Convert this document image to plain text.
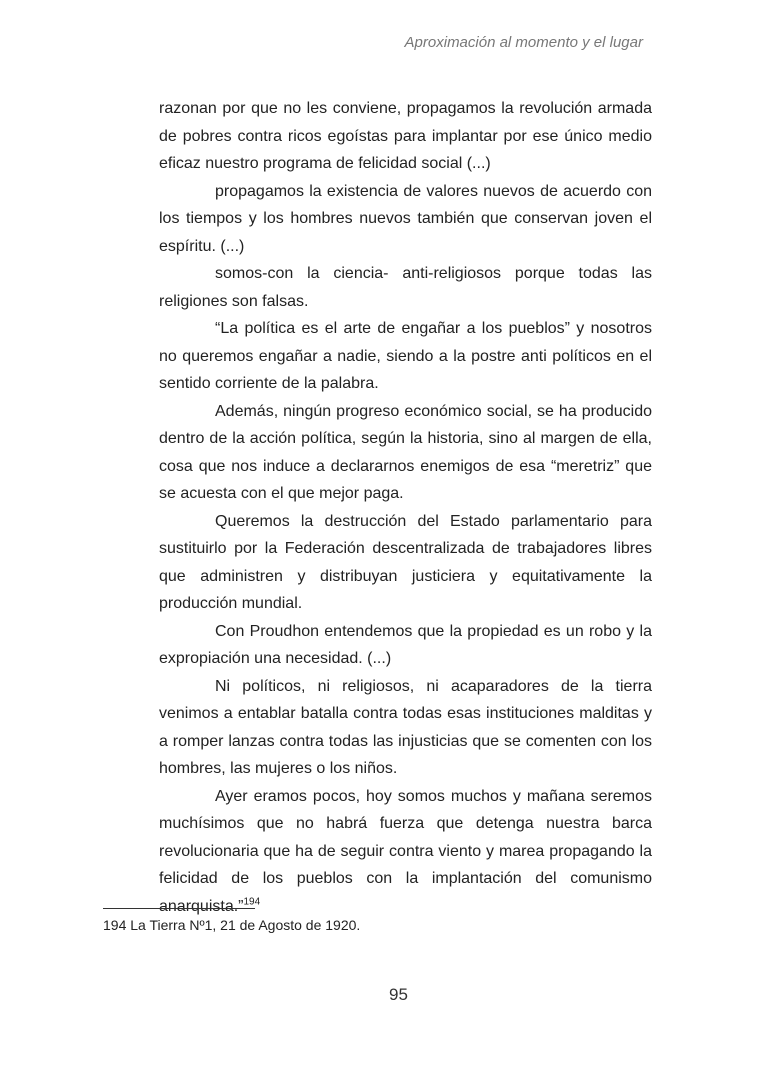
Aproximación al momento y el lugar

razonan por que no les conviene, propagamos la revolución armada de pobres contra ricos egoístas para implantar por ese único medio eficaz nuestro programa de felicidad social (...)

propagamos la existencia de valores nuevos de acuerdo con los tiempos y los hombres nuevos también que conservan joven el espíritu. (...)

somos-con la ciencia- anti-religiosos porque todas las religiones son falsas.

“La política es el arte de engañar a los pueblos” y nosotros no queremos engañar a nadie, siendo a la postre anti políticos en el sentido corriente de la palabra.

Además, ningún progreso económico social, se ha producido dentro de la acción política, según la historia, sino al margen de ella, cosa que nos induce a declararnos enemigos de esa “meretriz” que se acuesta con el que mejor paga.

Queremos la destrucción del Estado parlamentario para sustituirlo por la Federación descentralizada de trabajadores libres que administren y distribuyan justiciera y equitativamente la producción mundial.

Con Proudhon entendemos que la propiedad es un robo y la expropiación una necesidad. (...)

Ni políticos, ni religiosos, ni acaparadores de la tierra venimos a entablar batalla contra todas esas instituciones malditas y a romper lanzas contra todas las injusticias que se comenten con los hombres, las mujeres o los niños.

Ayer eramos pocos, hoy somos muchos y mañana seremos muchísimos que no habrá fuerza que detenga nuestra barca revolucionaria que ha de seguir contra viento y marea propagando la felicidad de los pueblos con la implantación del comunismo anarquista.”$^{194}$

194 La Tierra Nº1, 21 de Agosto de 1920.
95
